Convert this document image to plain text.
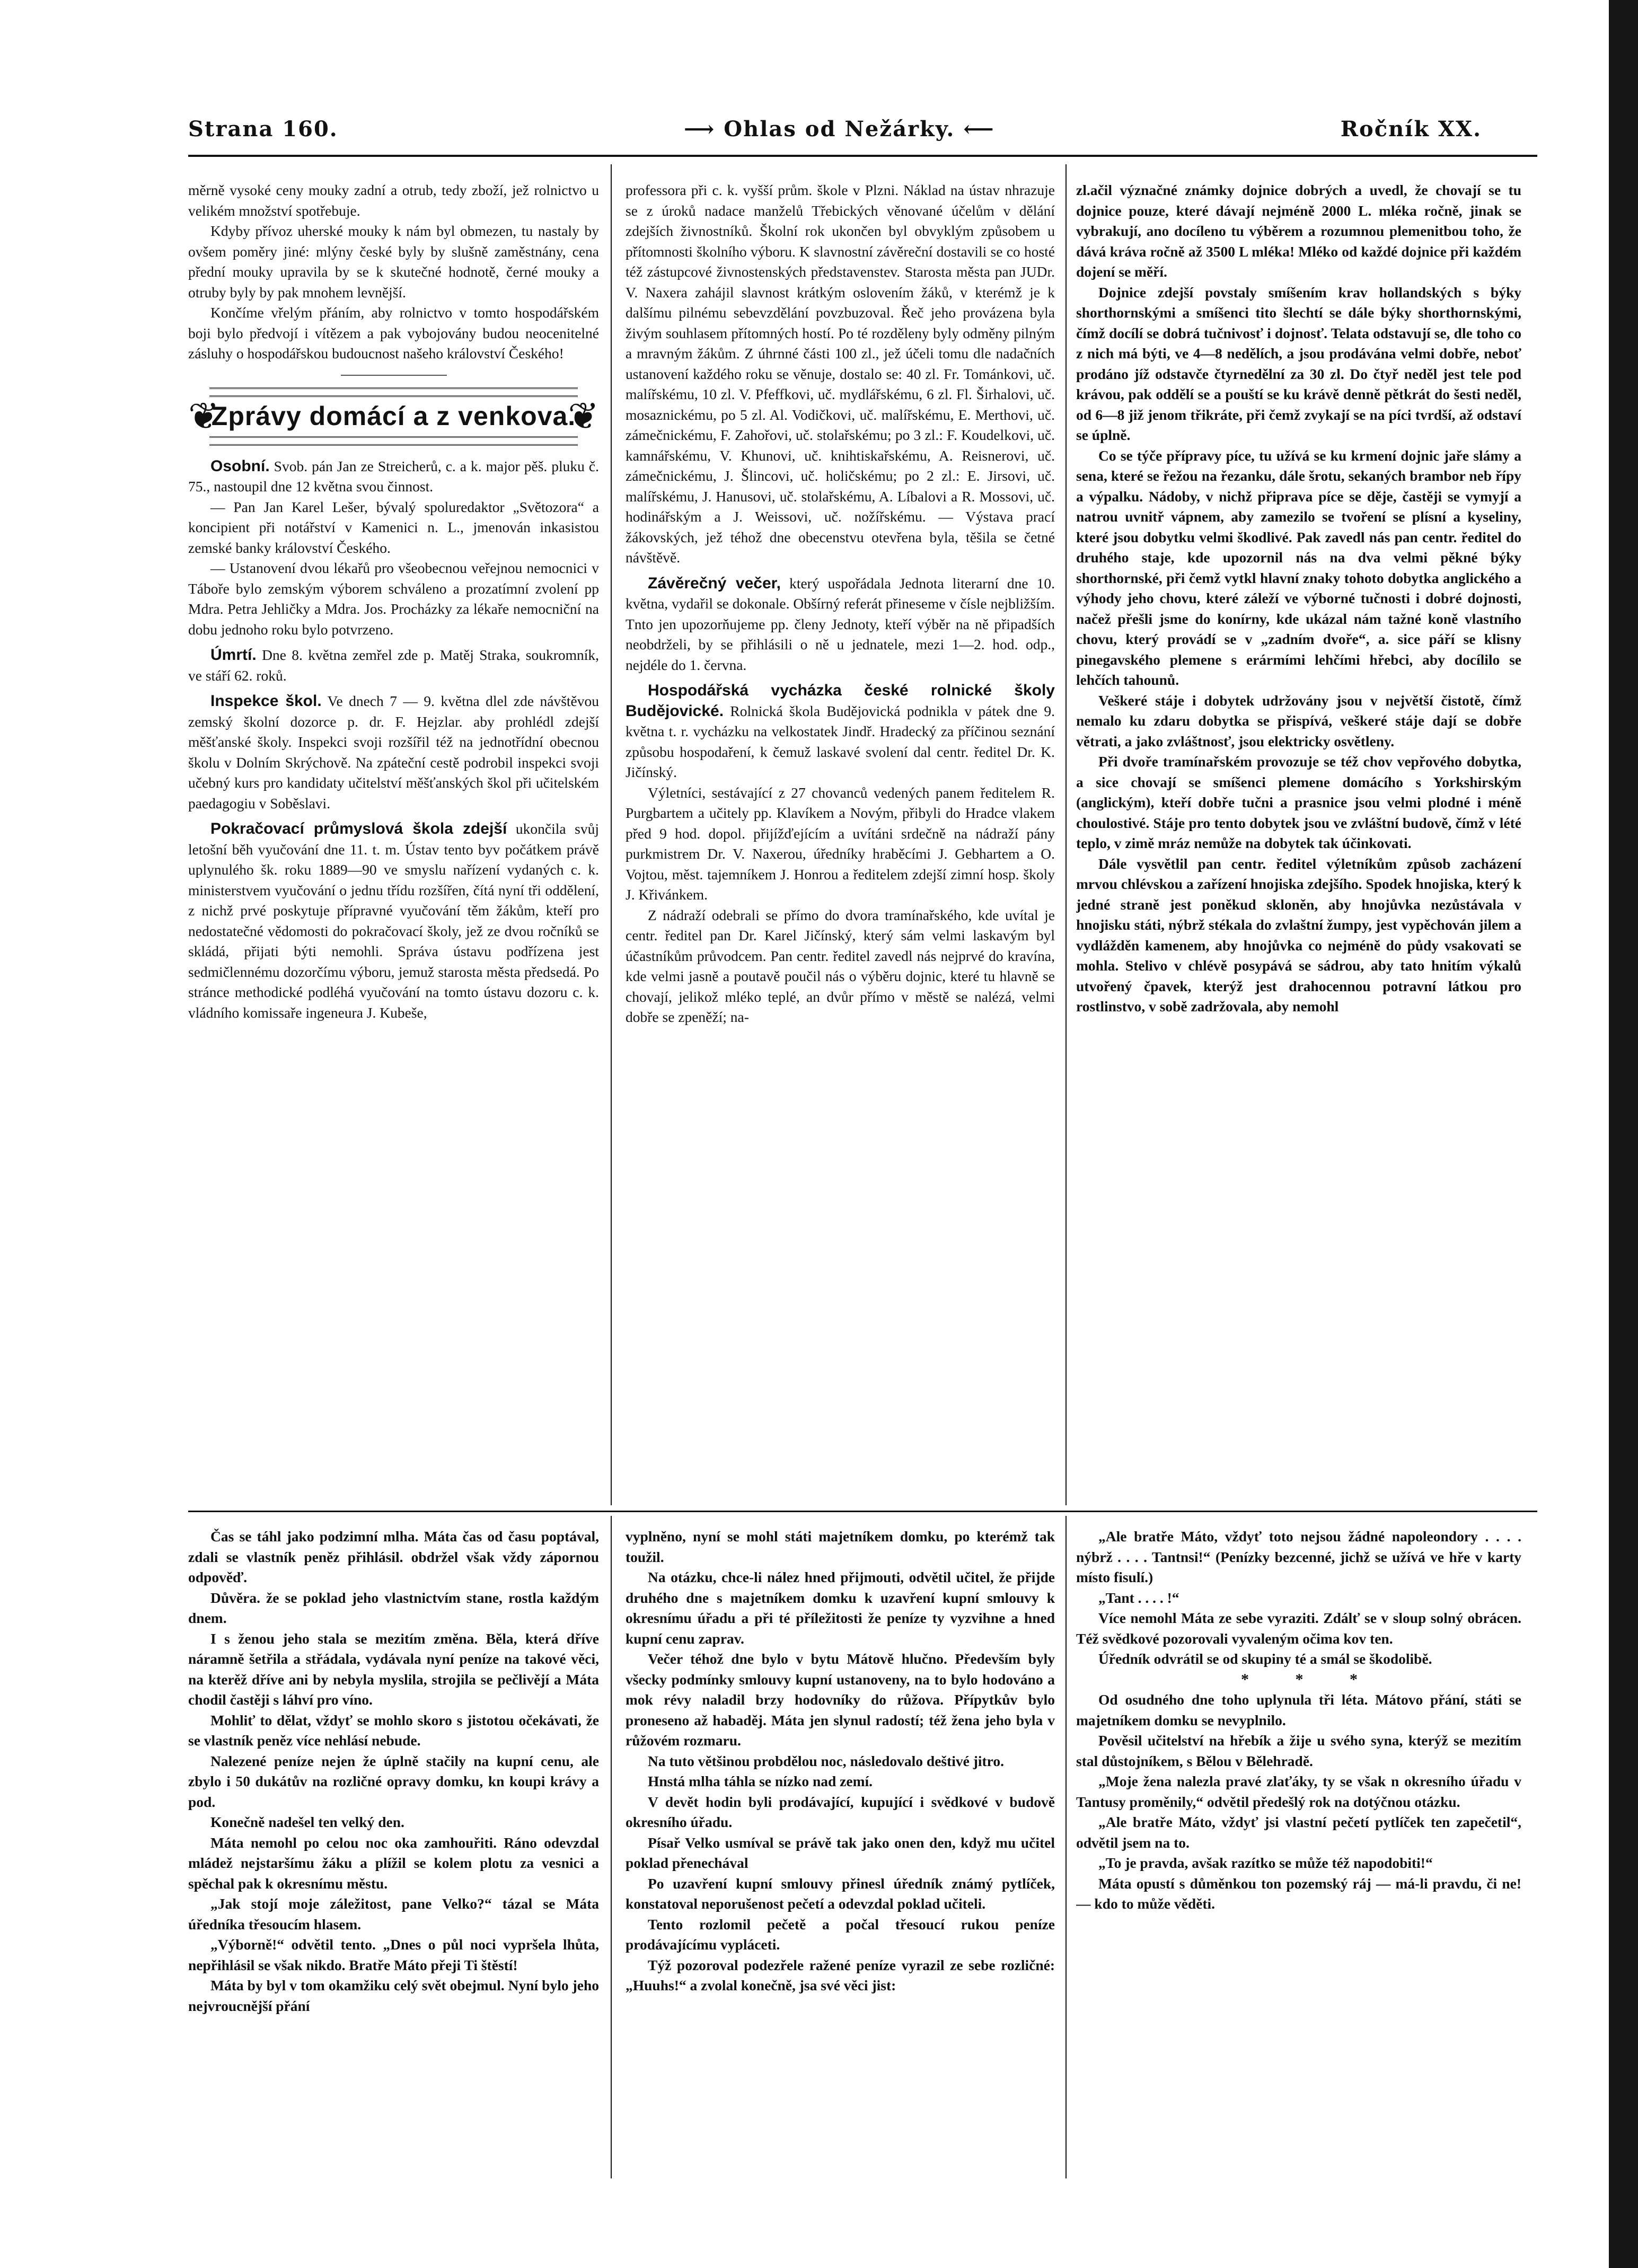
Strana 160.	⟶ Ohlas od Nežárky. ⟵	Ročník XX.

měrně vysoké ceny mouky zadní a otrub, tedy zboží, jež rolnictvo u velikém množství spotřebuje.

Kdyby přívoz uherské mouky k nám byl obmezen, tu nastaly by ovšem poměry jiné: mlýny české byly by slušně zaměstnány, cena přední mouky upravila by se k skutečné hodnotě, černé mouky a otruby byly by pak mnohem levnější.

Končíme vřelým přáním, aby rolnictvo v tomto hospodářském boji bylo předvojí i vítězem a pak vybojovány budou neocenitelné zásluhy o hospodářskou budoucnost našeho království Českého!

❦
Zprávy domácí a z venkova.
❦

Osobní. Svob. pán Jan ze Streicherů, c. a k. major pěš. pluku č. 75., nastoupil dne 12 května svou činnost.

— Pan Jan Karel Lešer, bývalý spoluredaktor „Světozora“ a koncipient při notářství v Kamenici n. L., jmenován inkasistou zemské banky království Českého.

— Ustanovení dvou lékařů pro všeobecnou veřejnou nemocnici v Táboře bylo zemským výborem schváleno a prozatímní zvolení pp Mdra. Petra Jehličky a Mdra. Jos. Procházky za lékaře nemocniční na dobu jednoho roku bylo potvrzeno.

Úmrtí. Dne 8. května zemřel zde p. Matěj Straka, soukromník, ve stáří 62. roků.

Inspekce škol. Ve dnech 7 — 9. května dlel zde návštěvou zemský školní dozorce p. dr. F. Hejzlar. aby prohlédl zdejší měšťanské školy. Inspekci svoji rozšířil též na jednotřídní obecnou školu v Dolním Skrýchově. Na zpáteční cestě podrobil inspekci svoji učebný kurs pro kandidaty učitelství měšťanských škol při učitelském paedagogiu v Soběslavi.

Pokračovací průmyslová škola zdejší ukončila svůj letošní běh vyučování dne 11. t. m. Ústav tento byv počátkem právě uplynulého šk. roku 1889—90 ve smyslu nařízení vydaných c. k. ministerstvem vyučování o jednu třídu rozšířen, čítá nyní tři oddělení, z nichž prvé poskytuje přípravné vyučování těm žákům, kteří pro nedostatečné vědomosti do pokračovací školy, jež ze dvou ročníků se skládá, přijati býti nemohli. Správa ústavu podřízena jest sedmičlennému dozorčímu výboru, jemuž starosta města předsedá. Po stránce methodické podléhá vyučování na tomto ústavu dozoru c. k. vládního komissaře ingeneura J. Kubeše,

professora při c. k. vyšší prům. škole v Plzni. Náklad na ústav nhrazuje se z úroků nadace manželů Třebických věnované účelům v dělání zdejších živnostníků. Školní rok ukončen byl obvyklým způsobem u přítomnosti školního výboru. K slavnostní závěreční dostavili se co hosté též zástupcové živnostenských představenstev. Starosta města pan JUDr. V. Naxera zahájil slavnost krátkým oslovením žáků, v kterémž je k dalšímu pilnému sebevzdělání povzbuzoval. Řeč jeho provázena byla živým souhlasem přítomných hostí. Po té rozděleny byly odměny pilným a mravným žákům. Z úhrnné části 100 zl., jež účeli tomu dle nadačních ustanovení každého roku se věnuje, dostalo se: 40 zl. Fr. Tománkovi, uč. malířskému, 10 zl. V. Pfeffkovi, uč. mydlářskému, 6 zl. Fl. Širhalovi, uč. mosaznickému, po 5 zl. Al. Vodičkovi, uč. malířskému, E. Merthovi, uč. zámečnickému, F. Zahořovi, uč. stolařskému; po 3 zl.: F. Koudelkovi, uč. kamnářskému, V. Khunovi, uč. knihtiskařskému, A. Reisnerovi, uč. zámečnickému, J. Šlincovi, uč. holičskému; po 2 zl.: E. Jirsovi, uč. malířskému, J. Hanusovi, uč. stolařskému, A. Líbalovi a R. Mossovi, uč. hodinářským a J. Weissovi, uč. nožířskému. — Výstava prací žákovských, jež téhož dne obecenstvu otevřena byla, těšila se četné návštěvě.

Závěrečný večer, který uspořádala Jednota literarní dne 10. května, vydařil se dokonale. Obšírný referát přineseme v čísle nejbližším. Tnto jen upozorňujeme pp. členy Jednoty, kteří výběr na ně připadších neobdrželi, by se přihlásili o ně u jednatele, mezi 1—2. hod. odp., nejdéle do 1. června.

Hospodářská vycházka české rolnické školy Budějovické. Rolnická škola Budějovická podnikla v pátek dne 9. května t. r. vycházku na velkostatek Jindř. Hradecký za příčinou seznání způsobu hospodaření, k čemuž laskavé svolení dal centr. ředitel Dr. K. Jičínský.

Výletníci, sestávající z 27 chovanců vedených panem ředitelem R. Purgbartem a učitely pp. Klavíkem a Novým, přibyli do Hradce vlakem před 9 hod. dopol. přijížďejícím a uvítáni srdečně na nádraží pány purkmistrem Dr. V. Naxerou, úředníky hraběcími J. Gebhartem a O. Vojtou, měst. tajemníkem J. Honrou a ředitelem zdejší zimní hosp. školy J. Křivánkem.

Z nádraží odebrali se přímo do dvora tramínařského, kde uvítal je centr. ředitel pan Dr. Karel Jičínský, který sám velmi laskavým byl účastníkům průvodcem. Pan centr. ředitel zavedl nás nejprvé do kravína, kde velmi jasně a poutavě poučil nás o výběru dojnic, které tu hlavně se chovají, jelikož mléko teplé, an dvůr přímo v městě se nalézá, velmi dobře se zpeněží; na-

zl.ačil význačné známky dojnice dobrých a uvedl, že chovají se tu dojnice pouze, které dávají nejméně 2000 L. mléka ročně, jinak se vybrakují, ano docíleno tu výběrem a rozumnou plemenitbou toho, že dává kráva ročně až 3500 L mléka! Mléko od každé dojnice při každém dojení se měří.

Dojnice zdejší povstaly smíšením krav hollandských s býky shorthornskými a smíšenci tito šlechtí se dále býky shorthornskými, čímž docílí se dobrá tučnivosť i dojnosť. Telata odstavují se, dle toho co z nich má býti, ve 4—8 nedělích, a jsou prodávána velmi dobře, neboť prodáno jíž odstavče čtyrnedělní za 30 zl. Do čtyř neděl jest tele pod krávou, pak oddělí se a pouští se ku krávě denně pětkrát do šesti neděl, od 6—8 již jenom třikráte, při čemž zvykají se na píci tvrdší, až odstaví se úplně.

Co se týče přípravy píce, tu užívá se ku krmení dojnic jaře slámy a sena, které se řežou na řezanku, dále šrotu, sekaných brambor neb řípy a výpalku. Nádoby, v nichž připrava píce se děje, častěji se vymyjí a natrou uvnitř vápnem, aby zamezilo se tvoření se plísní a kyseliny, které jsou dobytku velmi škodlivé. Pak zavedl nás pan centr. ředitel do druhého staje, kde upozornil nás na dva velmi pěkné býky shorthornské, při čemž vytkl hlavní znaky tohoto dobytka anglického a výhody jeho chovu, které záleží ve výborné tučnosti i dobré dojnosti, načež přešli jsme do konírny, kde ukázal nám tažné koně vlastního chovu, který provádí se v „zadním dvoře“, a. sice páří se klisny pinegavského plemene s erármími lehčími hřebci, aby docílilo se lehčích tahounů.

Veškeré stáje i dobytek udržovány jsou v největší čistotě, čímž nemalo ku zdaru dobytka se přispívá, veškeré stáje dají se dobře větrati, a jako zvláštnosť, jsou elektricky osvětleny.

Při dvoře tramínařském provozuje se též chov vepřového dobytka, a sice chovají se smíšenci plemene domácího s Yorkshirským (anglickým), kteří dobře tučni a prasnice jsou velmi plodné i méně choulostivé. Stáje pro tento dobytek jsou ve zvláštní budově, čímž v lété teplo, v zimě mráz nemůže na dobytek tak účinkovati.

Dále vysvětlil pan centr. ředitel výletníkům způsob zacházení mrvou chlévskou a zařízení hnojiska zdejšího. Spodek hnojiska, který k jedné straně jest poněkud skloněn, aby hnojůvka nezůstávala v hnojisku státi, nýbrž stékala do zvlaštní žumpy, jest vypěchován jilem a vydlážděn kamenem, aby hnojůvka co nejméně do půdy vsakovati se mohla. Stelivo v chlévě posypává se sádrou, aby tato hnitím výkalů utvořený čpavek, kterýž jest drahocennou potravní látkou pro rostlinstvo, v sobě zadržovala, aby nemohl

Čas se táhl jako podzimní mlha. Máta čas od času poptával, zdali se vlastník peněz přihlásil. obdržel však vždy zápornou odpověď.

Důvěra. že se poklad jeho vlastnictvím stane, rostla každým dnem.

I s ženou jeho stala se mezitím změna. Běla, která dříve náramně šetřila a střádala, vydávala nyní peníze na takové věci, na kterěž dříve ani by nebyla myslila, strojila se pečlivějí a Máta chodil častěji s láhví pro víno.

Mohliť to dělat, vždyť se mohlo skoro s jistotou očekávati, že se vlastník peněz více nehlásí nebude.

Nalezené peníze nejen že úplně stačily na kupní cenu, ale zbylo i 50 dukátův na rozličné opravy domku, kn koupi krávy a pod.

Konečně nadešel ten velký den.

Máta nemohl po celou noc oka zamhouřiti. Ráno odevzdal mládež nejstaršímu žáku a plížil se kolem plotu za vesnici a spěchal pak k okresnímu městu.

„Jak stojí moje záležitost, pane Velko?“ tázal se Máta úředníka třesoucím hlasem.

„Výborně!“ odvětil tento. „Dnes o půl noci vypršela lhůta, nepřihlásil se však nikdo. Bratře Máto přeji Ti štěstí!

Máta by byl v tom okamžiku celý svět obejmul. Nyní bylo jeho nejvroucnější přání

vyplněno, nyní se mohl státi majetníkem domku, po kterémž tak toužil.

Na otázku, chce-li nález hned přijmouti, odvětil učitel, že přijde druhého dne s majetníkem domku k uzavření kupní smlouvy k okresnímu úřadu a při té příležitosti že peníze ty vyzvihne a hned kupní cenu zaprav.

Večer téhož dne bylo v bytu Mátově hlučno. Především byly všecky podmínky smlouvy kupní ustanoveny, na to bylo hodováno a mok révy naladil brzy hodovníky do růžova. Přípytkův bylo proneseno až habaděj. Máta jen slynul radostí; též žena jeho byla v růžovém rozmaru.

Na tuto většinou probdělou noc, následovalo deštivé jitro.

Hnstá mlha táhla se nízko nad zemí.

V devět hodin byli prodávající, kupující i svědkové v budově okresního úřadu.

Písař Velko usmíval se právě tak jako onen den, když mu učitel poklad přenechával

Po uzavření kupní smlouvy přinesl úředník známý pytlíček, konstatoval neporušenost pečetí a odevzdal poklad učiteli.

Tento rozlomil pečetě a počal třesoucí rukou peníze prodávajícímu vypláceti.

Týž pozoroval podezřele ražené peníze vyrazil ze sebe rozličné: „Huuhs!“ a zvolal konečně, jsa své věci jist:

„Ale bratře Máto, vždyť toto nejsou žádné napoleondory . . . . nýbrž . . . . Tantnsi!“ (Penízky bezcenné, jichž se užívá ve hře v karty místo fisulí.)

„Tant . . . . !“

Více nemohl Máta ze sebe vyraziti. Zdálť se v sloup solný obrácen. Též svědkové pozorovali vyvaleným očima kov ten.

Úředník odvrátil se od skupiny té a smál se škodolibě.

* * *

Od osudného dne toho uplynula tři léta. Mátovo přání, státi se majetníkem domku se nevyplnilo.

Pověsil učitelství na hřebík a žije u svého syna, kterýž se mezitím stal důstojníkem, s Bělou v Bělehradě.

„Moje žena nalezla pravé zlaťáky, ty se však n okresního úřadu v Tantusy proměnily,“ odvětil předešlý rok na dotýčnou otázku.

„Ale bratře Máto, vždyť jsi vlastní pečetí pytlíček ten zapečetil“, odvětil jsem na to.

„To je pravda, avšak razítko se může též napodobiti!“

Máta opustí s důměnkou ton pozemský ráj — má-li pravdu, či ne! — kdo to může věděti.
